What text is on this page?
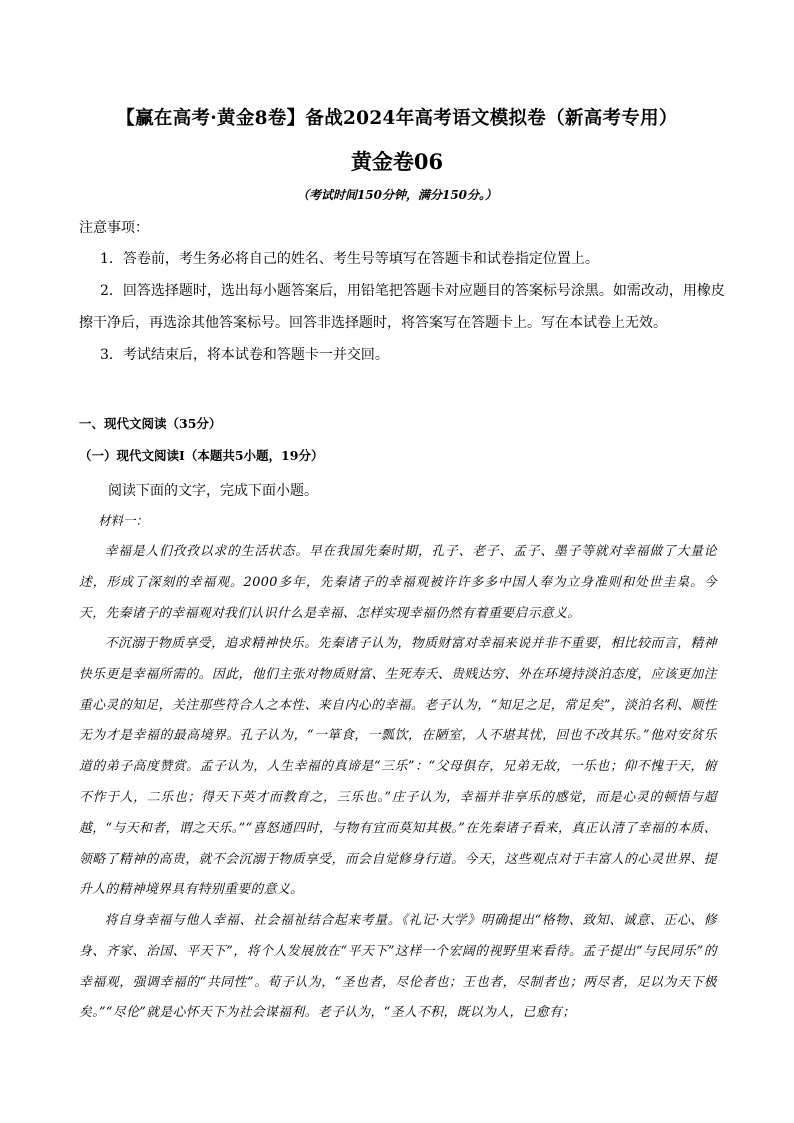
【赢在高考·黄金8卷】备战2024年高考语文模拟卷（新高考专用）
黄金卷06
（考试时间150分钟，满分150分。）
注意事项：
1．答卷前，考生务必将自己的姓名、考生号等填写在答题卡和试卷指定位置上。
2．回答选择题时，选出每小题答案后，用铅笔把答题卡对应题目的答案标号涂黑。如需改动，用橡皮
擦干净后，再选涂其他答案标号。回答非选择题时，将答案写在答题卡上。写在本试卷上无效。
3．考试结束后，将本试卷和答题卡一并交回。
一、现代文阅读（35分）
（一）现代文阅读Ⅰ（本题共5小题，19分）
阅读下面的文字，完成下面小题。
材料一：
幸福是人们孜孜以求的生活状态。早在我国先秦时期，孔子、老子、孟子、墨子等就对幸福做了大量论述，形成了深刻的幸福观。2000多年，先秦诸子的幸福观被许许多多中国人奉为立身准则和处世圭臬。今天，先秦诸子的幸福观对我们认识什么是幸福、怎样实现幸福仍然有着重要启示意义。
不沉溺于物质享受，追求精神快乐。先秦诸子认为，物质财富对幸福来说并非不重要，相比较而言，精神快乐更是幸福所需的。因此，他们主张对物质财富、生死寿夭、贵贱达穷、外在环境持淡泊态度，应该更加注重心灵的知足，关注那些符合人之本性、来自内心的幸福。老子认为，“知足之足，常足矣”，淡泊名利、顺性无为才是幸福的最高境界。孔子认为，“一箪食，一瓢饮，在陋室，人不堪其忧，回也不改其乐。”他对安贫乐道的弟子高度赞赏。孟子认为，人生幸福的真谛是“三乐”：“父母俱存，兄弟无故，一乐也；仰不愧于天，俯不怍于人，二乐也；得天下英才而教育之，三乐也。”庄子认为，幸福并非享乐的感觉，而是心灵的顿悟与超越，“与天和者，谓之天乐。”“喜怒通四时，与物有宜而莫知其极。”在先秦诸子看来，真正认清了幸福的本质、领略了精神的高贵，就不会沉溺于物质享受，而会自觉修身行道。今天，这些观点对于丰富人的心灵世界、提升人的精神境界具有特别重要的意义。
将自身幸福与他人幸福、社会福祉结合起来考量。《礼记·大学》明确提出“格物、致知、诚意、正心、修身、齐家、治国、平天下”，将个人发展放在“平天下”这样一个宏阔的视野里来看待。孟子提出“与民同乐”的幸福观，强调幸福的“共同性”。荀子认为，“圣也者，尽伦者也；王也者，尽制者也；两尽者，足以为天下极矣。”“尽伦”就是心怀天下为社会谋福利。老子认为，“圣人不积，既以为人，已愈有；
